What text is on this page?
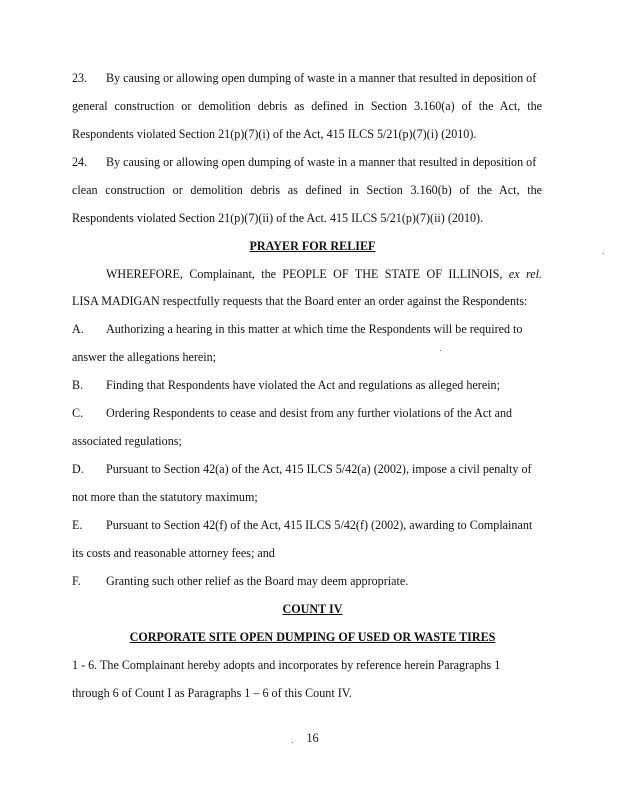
23. By causing or allowing open dumping of waste in a manner that resulted in deposition of
general construction or demolition debris as defined in Section 3.160(a) of the Act, the
Respondents violated Section 21(p)(7)(i) of the Act, 415 ILCS 5/21(p)(7)(i) (2010).
24. By causing or allowing open dumping of waste in a manner that resulted in deposition of
clean construction or demolition debris as defined in Section 3.160(b) of the Act, the
Respondents violated Section 21(p)(7)(ii) of the Act. 415 ILCS 5/21(p)(7)(ii) (2010).
PRAYER FOR RELIEF
WHEREFORE, Complainant, the PEOPLE OF THE STATE OF ILLINOIS, ex rel.
LISA MADIGAN respectfully requests that the Board enter an order against the Respondents:
A. Authorizing a hearing in this matter at which time the Respondents will be required to
answer the allegations herein;
B. Finding that Respondents have violated the Act and regulations as alleged herein;
C. Ordering Respondents to cease and desist from any further violations of the Act and
associated regulations;
D. Pursuant to Section 42(a) of the Act, 415 ILCS 5/42(a) (2002), impose a civil penalty of
not more than the statutory maximum;
E. Pursuant to Section 42(f) of the Act, 415 ILCS 5/42(f) (2002), awarding to Complainant
its costs and reasonable attorney fees; and
F. Granting such other relief as the Board may deem appropriate.
COUNT IV
CORPORATE SITE OPEN DUMPING OF USED OR WASTE TIRES
1 - 6. The Complainant hereby adopts and incorporates by reference herein Paragraphs 1
through 6 of Count I as Paragraphs 1 – 6 of this Count IV.
16
